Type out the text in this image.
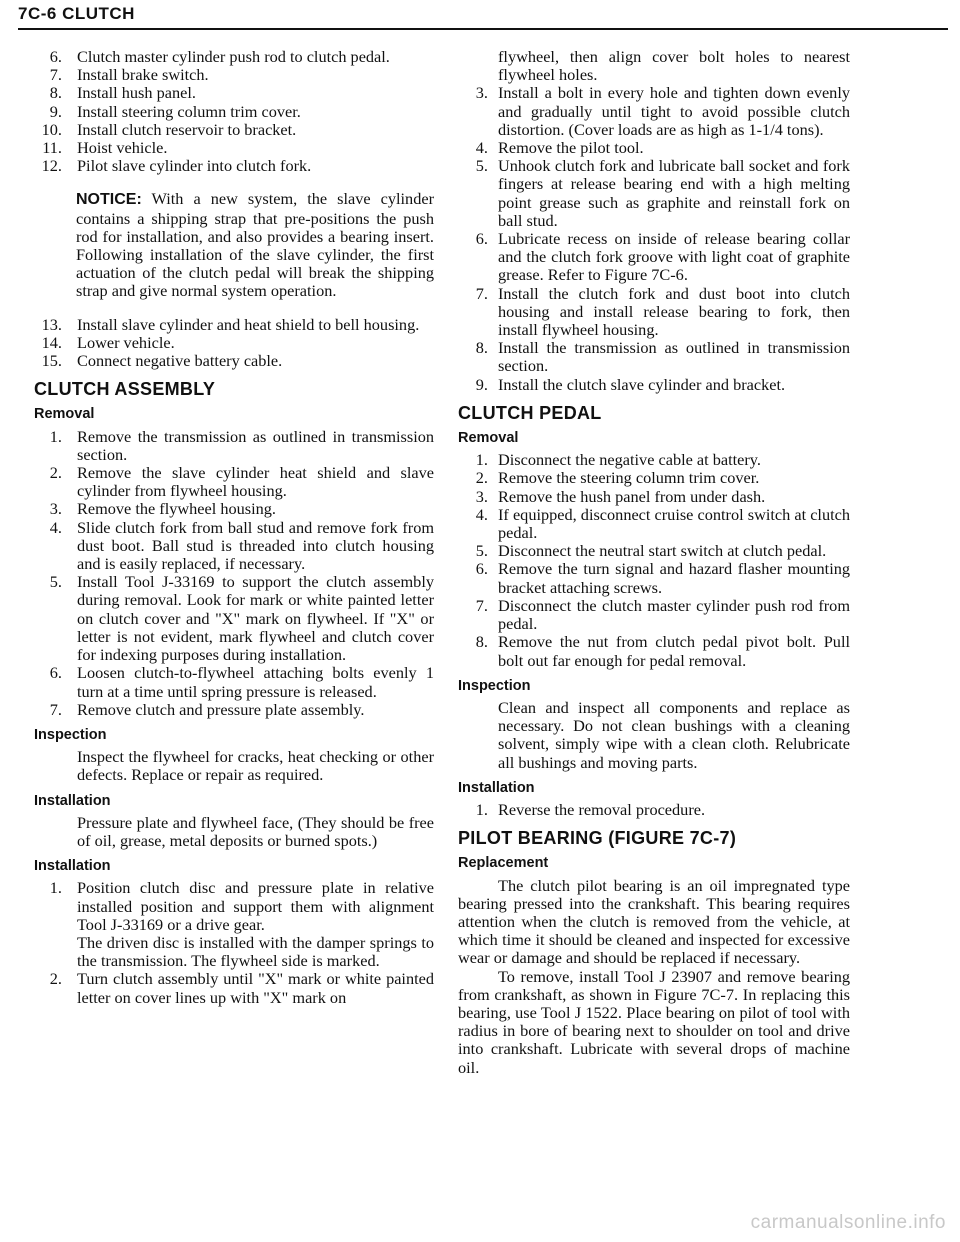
7C-6 CLUTCH
6. Clutch master cylinder push rod to clutch pedal.
7. Install brake switch.
8. Install hush panel.
9. Install steering column trim cover.
10. Install clutch reservoir to bracket.
11. Hoist vehicle.
12. Pilot slave cylinder into clutch fork.
NOTICE: With a new system, the slave cylinder contains a shipping strap that pre-positions the push rod for installation, and also provides a bearing insert. Following installation of the slave cylinder, the first actuation of the clutch pedal will break the shipping strap and give normal system operation.
13. Install slave cylinder and heat shield to bell housing.
14. Lower vehicle.
15. Connect negative battery cable.
CLUTCH ASSEMBLY
Removal
1. Remove the transmission as outlined in transmission section.
2. Remove the slave cylinder heat shield and slave cylinder from flywheel housing.
3. Remove the flywheel housing.
4. Slide clutch fork from ball stud and remove fork from dust boot. Ball stud is threaded into clutch housing and is easily replaced, if necessary.
5. Install Tool J-33169 to support the clutch assembly during removal. Look for mark or white painted letter on clutch cover and "X" mark on flywheel. If "X" or letter is not evident, mark flywheel and clutch cover for indexing purposes during installation.
6. Loosen clutch-to-flywheel attaching bolts evenly 1 turn at a time until spring pressure is released.
7. Remove clutch and pressure plate assembly.
Inspection
Inspect the flywheel for cracks, heat checking or other defects. Replace or repair as required.
Installation
Pressure plate and flywheel face, (They should be free of oil, grease, metal deposits or burned spots.)
Installation
1. Position clutch disc and pressure plate in relative installed position and support them with alignment Tool J-33169 or a drive gear.
The driven disc is installed with the damper springs to the transmission. The flywheel side is marked.
2. Turn clutch assembly until "X" mark or white painted letter on cover lines up with "X" mark on
flywheel, then align cover bolt holes to nearest flywheel holes.
3. Install a bolt in every hole and tighten down evenly and gradually until tight to avoid possible clutch distortion. (Cover loads are as high as 1-1/4 tons).
4. Remove the pilot tool.
5. Unhook clutch fork and lubricate ball socket and fork fingers at release bearing end with a high melting point grease such as graphite and reinstall fork on ball stud.
6. Lubricate recess on inside of release bearing collar and the clutch fork groove with light coat of graphite grease. Refer to Figure 7C-6.
7. Install the clutch fork and dust boot into clutch housing and install release bearing to fork, then install flywheel housing.
8. Install the transmission as outlined in transmission section.
9. Install the clutch slave cylinder and bracket.
CLUTCH PEDAL
Removal
1. Disconnect the negative cable at battery.
2. Remove the steering column trim cover.
3. Remove the hush panel from under dash.
4. If equipped, disconnect cruise control switch at clutch pedal.
5. Disconnect the neutral start switch at clutch pedal.
6. Remove the turn signal and hazard flasher mounting bracket attaching screws.
7. Disconnect the clutch master cylinder push rod from pedal.
8. Remove the nut from clutch pedal pivot bolt. Pull bolt out far enough for pedal removal.
Inspection
Clean and inspect all components and replace as necessary. Do not clean bushings with a cleaning solvent, simply wipe with a clean cloth. Relubricate all bushings and moving parts.
Installation
1. Reverse the removal procedure.
PILOT BEARING (FIGURE 7C-7)
Replacement

The clutch pilot bearing is an oil impregnated type bearing pressed into the crankshaft. This bearing requires attention when the clutch is removed from the vehicle, at which time it should be cleaned and inspected for excessive wear or damage and should be replaced if necessary.

To remove, install Tool J 23907 and remove bearing from crankshaft, as shown in Figure 7C-7. In replacing this bearing, use Tool J 1522. Place bearing on pilot of tool with radius in bore of bearing next to shoulder on tool and drive into crankshaft. Lubricate with several drops of machine oil.

carmanualsonline.info
